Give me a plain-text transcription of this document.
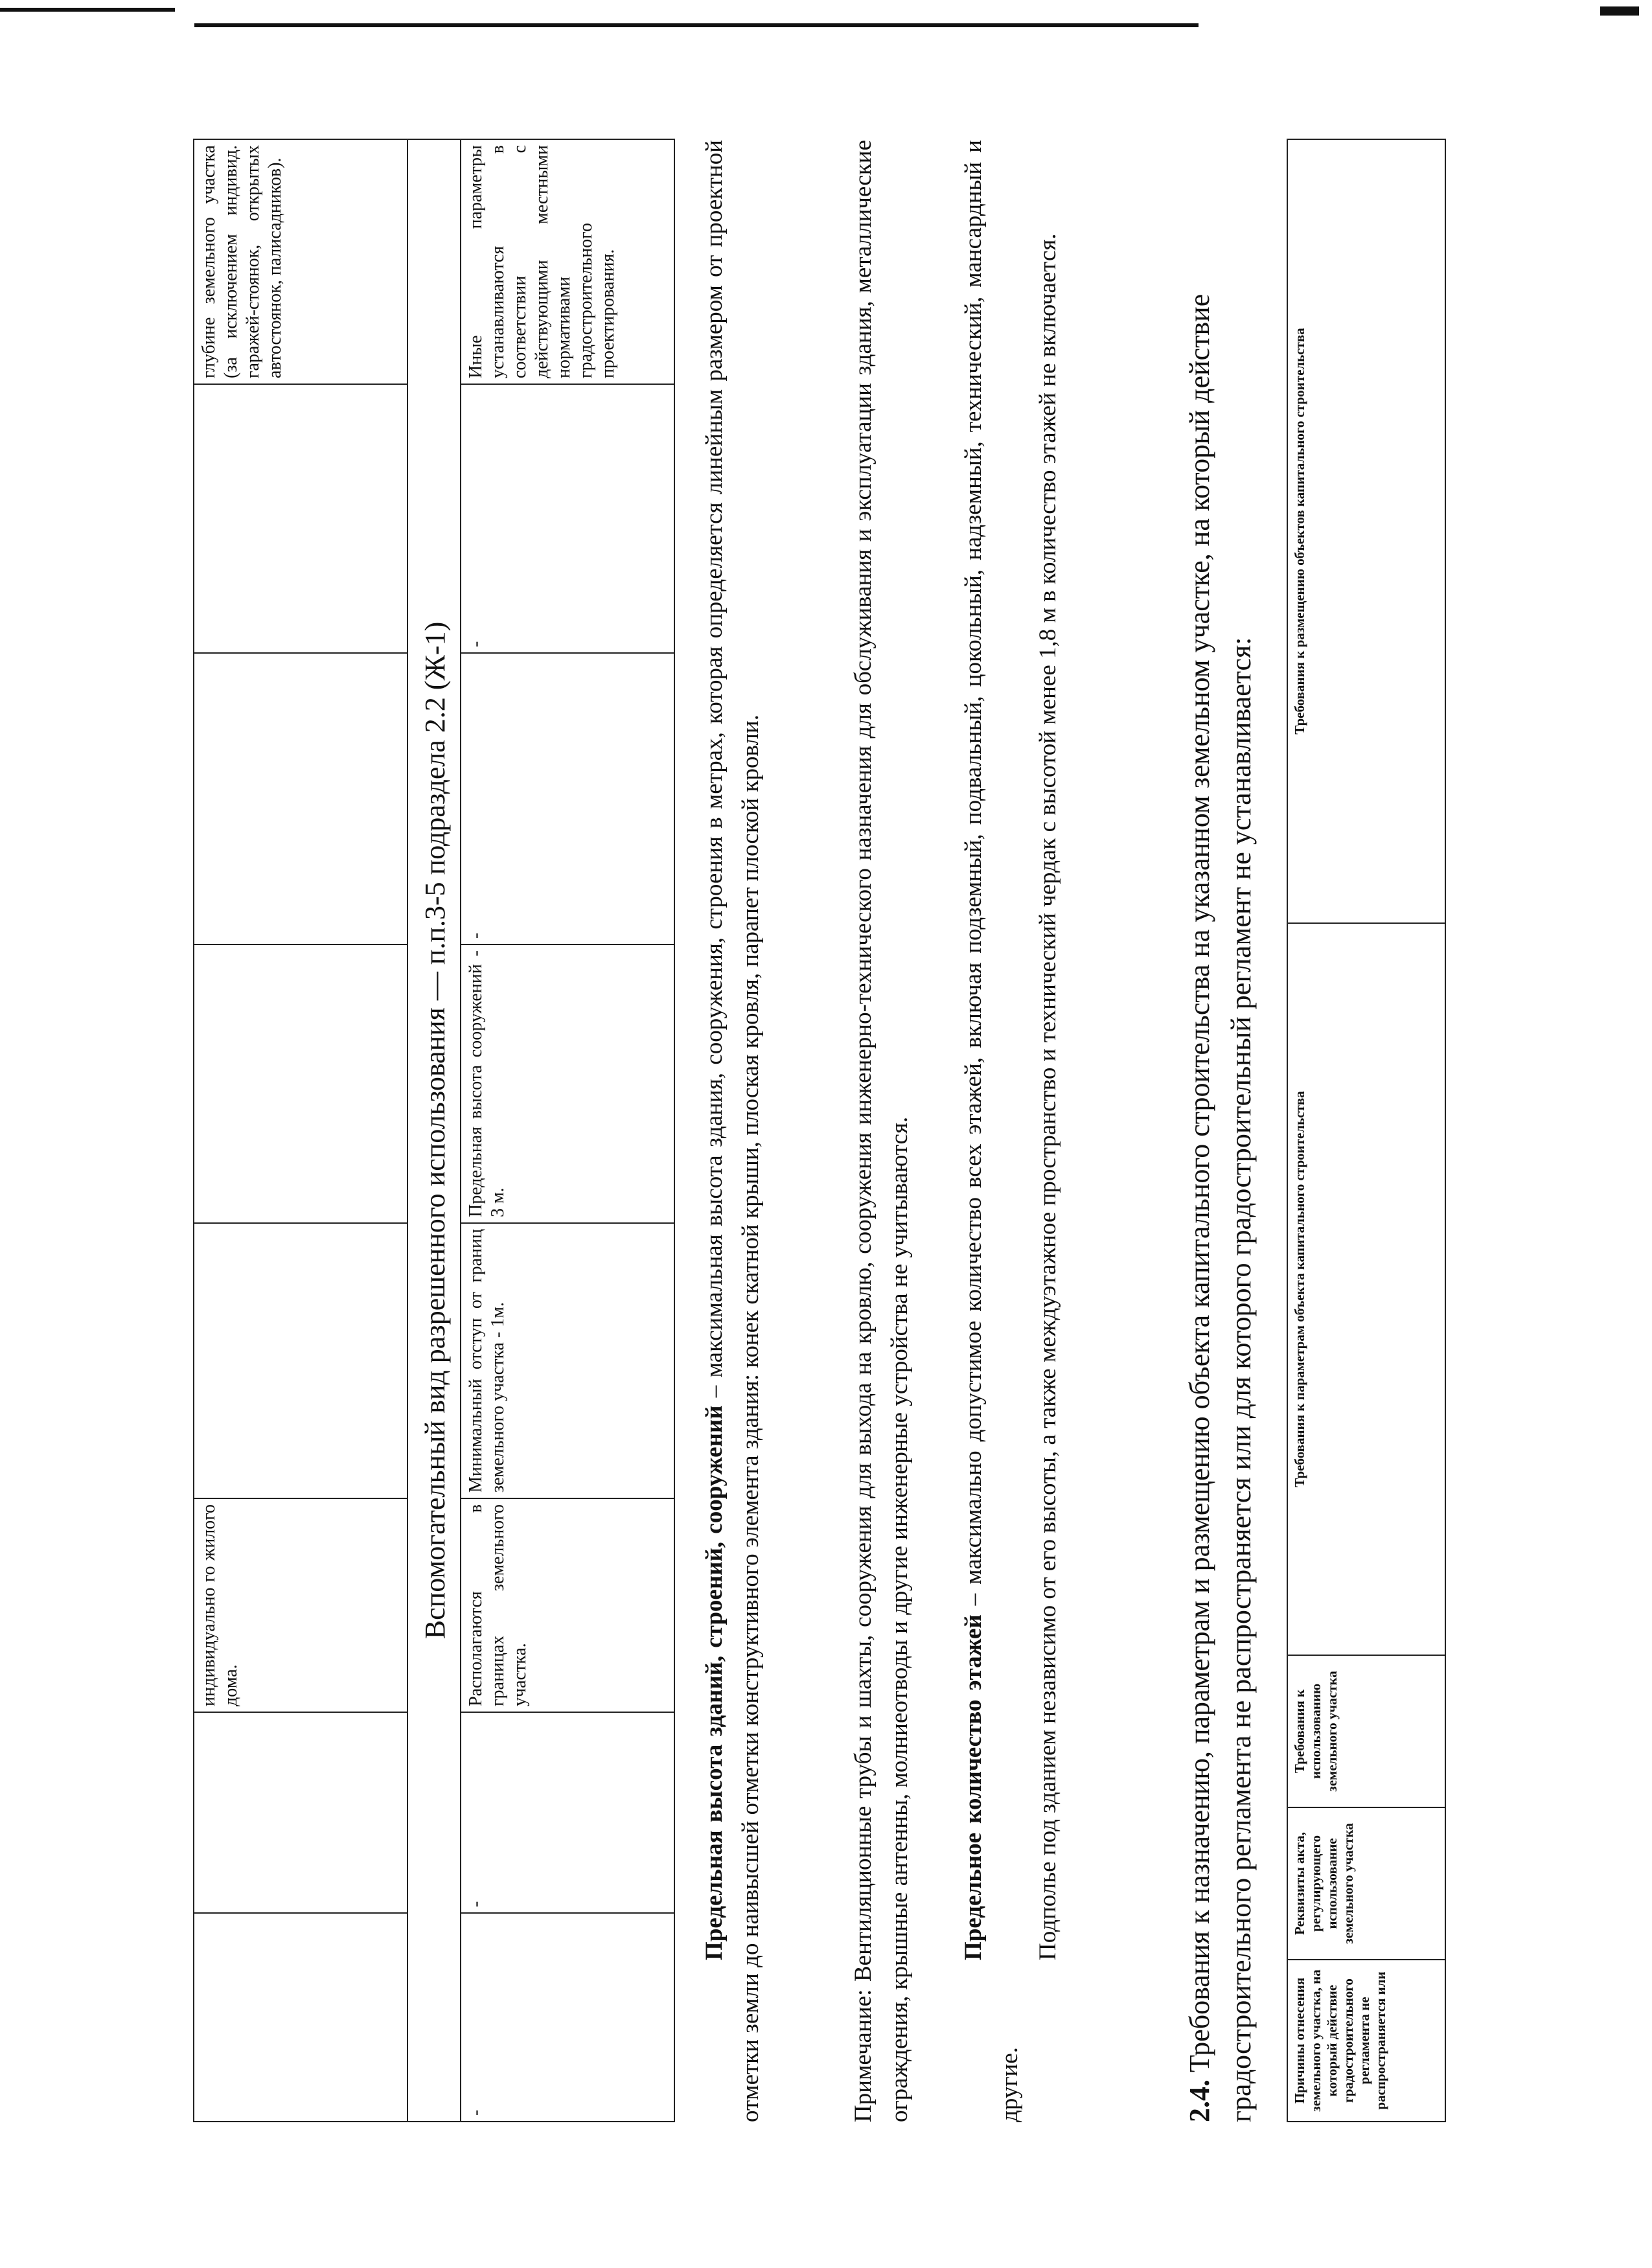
		индивидуально го жилого дома.					глубине земельного участка (за исключением индивид. гаражей-стоянок, открытых автостоянок, палисадников).
Вспомогательный вид разрешенного использования — п.п.3-5 подраздела 2.2 (Ж-1)							
-	-	Располагаются в границах земельного участка.	Минимальный отступ от границ земельного участка - 1м.	Предельная высота сооружений - 3 м.	-	-	Иные параметры устанавливаются в соответствии с действующими местными нормативами градостроительного проектирования.

Предельная высота зданий, строений, сооружений – максимальная высота здания, сооружения, строения в метрах, которая определяется линейным размером от проектной отметки земли до наивысшей отметки конструктивного элемента здания: конек скатной крыши, плоская кровля, парапет плоской кровли.	Примечание: Вентиляционные трубы и шахты, сооружения для выхода на кровлю, сооружения инженерно-технического назначения для обслуживания и эксплуатации здания, металлические ограждения, крышные антенны, молниеотводы и другие инженерные устройства не учитываются. Предельное количество этажей – максимально допустимое количество всех этажей, включая подземный, подвальный, цокольный, надземный, технический, мансардный и другие.

Подполье под зданием независимо от его высоты, а также междуэтажное пространство и технический чердак с высотой менее 1,8 м в количество этажей не включается.

2.4. Требования к назначению, параметрам и размещению объекта капитального строительства на указанном земельном участке, на который действие градостроительного регламента не распространяется или для которого градостроительный регламент не устанавливается:	Причины отнесения земельного участка, на который действие градостроительного регламента не распространяется или	Реквизиты акта, регулирующего использование земельного участка	Требования к использованию земельного участка	Требования к параметрам объекта капитального строительства	Требования к размещению объектов капитального строительства
